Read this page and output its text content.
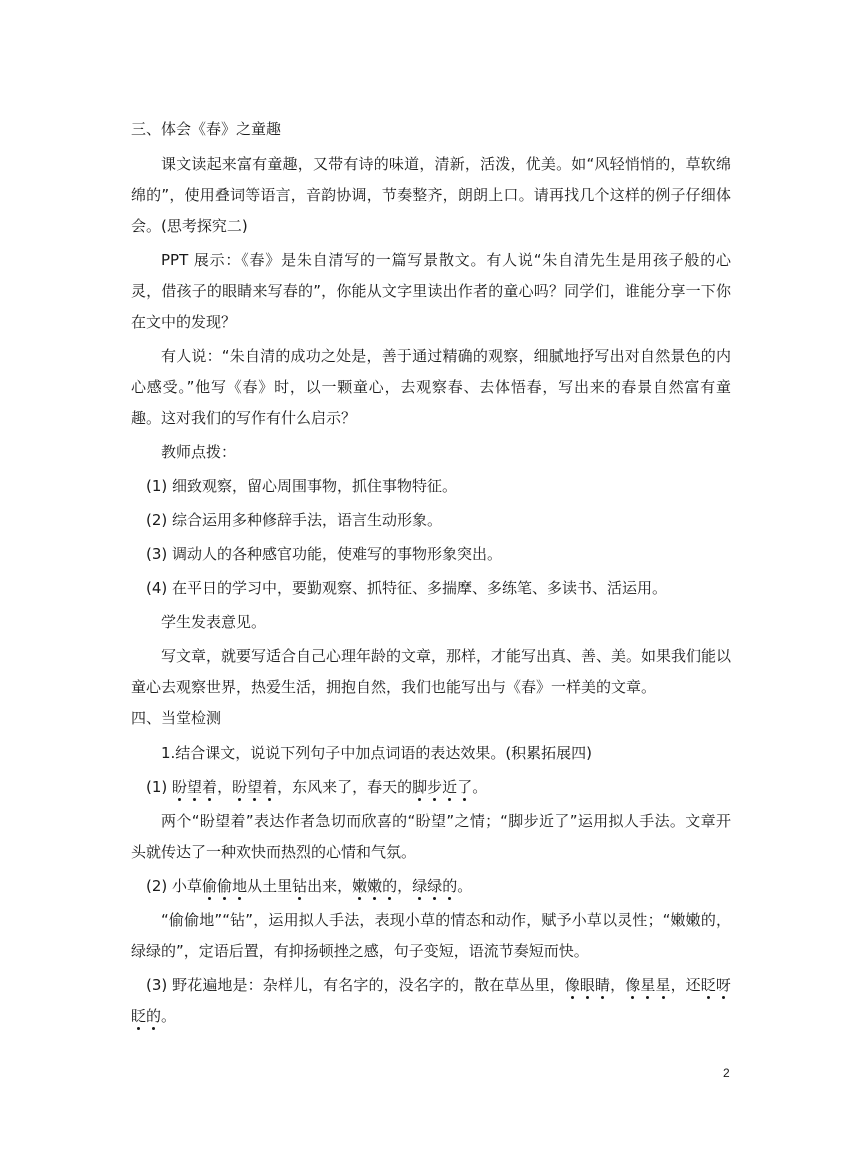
三、体会《春》之童趣

课文读起来富有童趣，又带有诗的味道，清新，活泼，优美。如“风轻悄悄的，草软绵绵的”，使用叠词等语言，音韵协调，节奏整齐，朗朗上口。请再找几个这样的例子仔细体会。(思考探究二)

PPT 展示：《春》是朱自清写的一篇写景散文。有人说“朱自清先生是用孩子般的心灵，借孩子的眼睛来写春的”，你能从文字里读出作者的童心吗？同学们，谁能分享一下你在文中的发现？

有人说：“朱自清的成功之处是，善于通过精确的观察，细腻地抒写出对自然景色的内心感受。”他写《春》时，以一颗童心，去观察春、去体悟春，写出来的春景自然富有童趣。这对我们的写作有什么启示？

教师点拨：

(1) 细致观察，留心周围事物，抓住事物特征。

(2) 综合运用多种修辞手法，语言生动形象。

(3) 调动人的各种感官功能，使难写的事物形象突出。

(4) 在平日的学习中，要勤观察、抓特征、多揣摩、多练笔、多读书、活运用。

学生发表意见。

写文章，就要写适合自己心理年龄的文章，那样，才能写出真、善、美。如果我们能以童心去观察世界，热爱生活，拥抱自然，我们也能写出与《春》一样美的文章。

四、当堂检测

1.结合课文，说说下列句子中加点词语的表达效果。(积累拓展四)

(1) 盼望着，盼望着，东风来了，春天的脚步近了。

两个“盼望着”表达作者急切而欣喜的“盼望”之情；“脚步近了”运用拟人手法。文章开头就传达了一种欢快而热烈的心情和气氛。

(2) 小草偷偷地从土里钻出来，嫩嫩的，绿绿的。

“偷偷地”“钻”，运用拟人手法，表现小草的情态和动作，赋予小草以灵性；“嫩嫩的，绿绿的”，定语后置，有抑扬顿挫之感，句子变短，语流节奏短而快。

(3) 野花遍地是：杂样儿，有名字的，没名字的，散在草丛里，像眼睛，像星星，还眨呀眨的。

2
